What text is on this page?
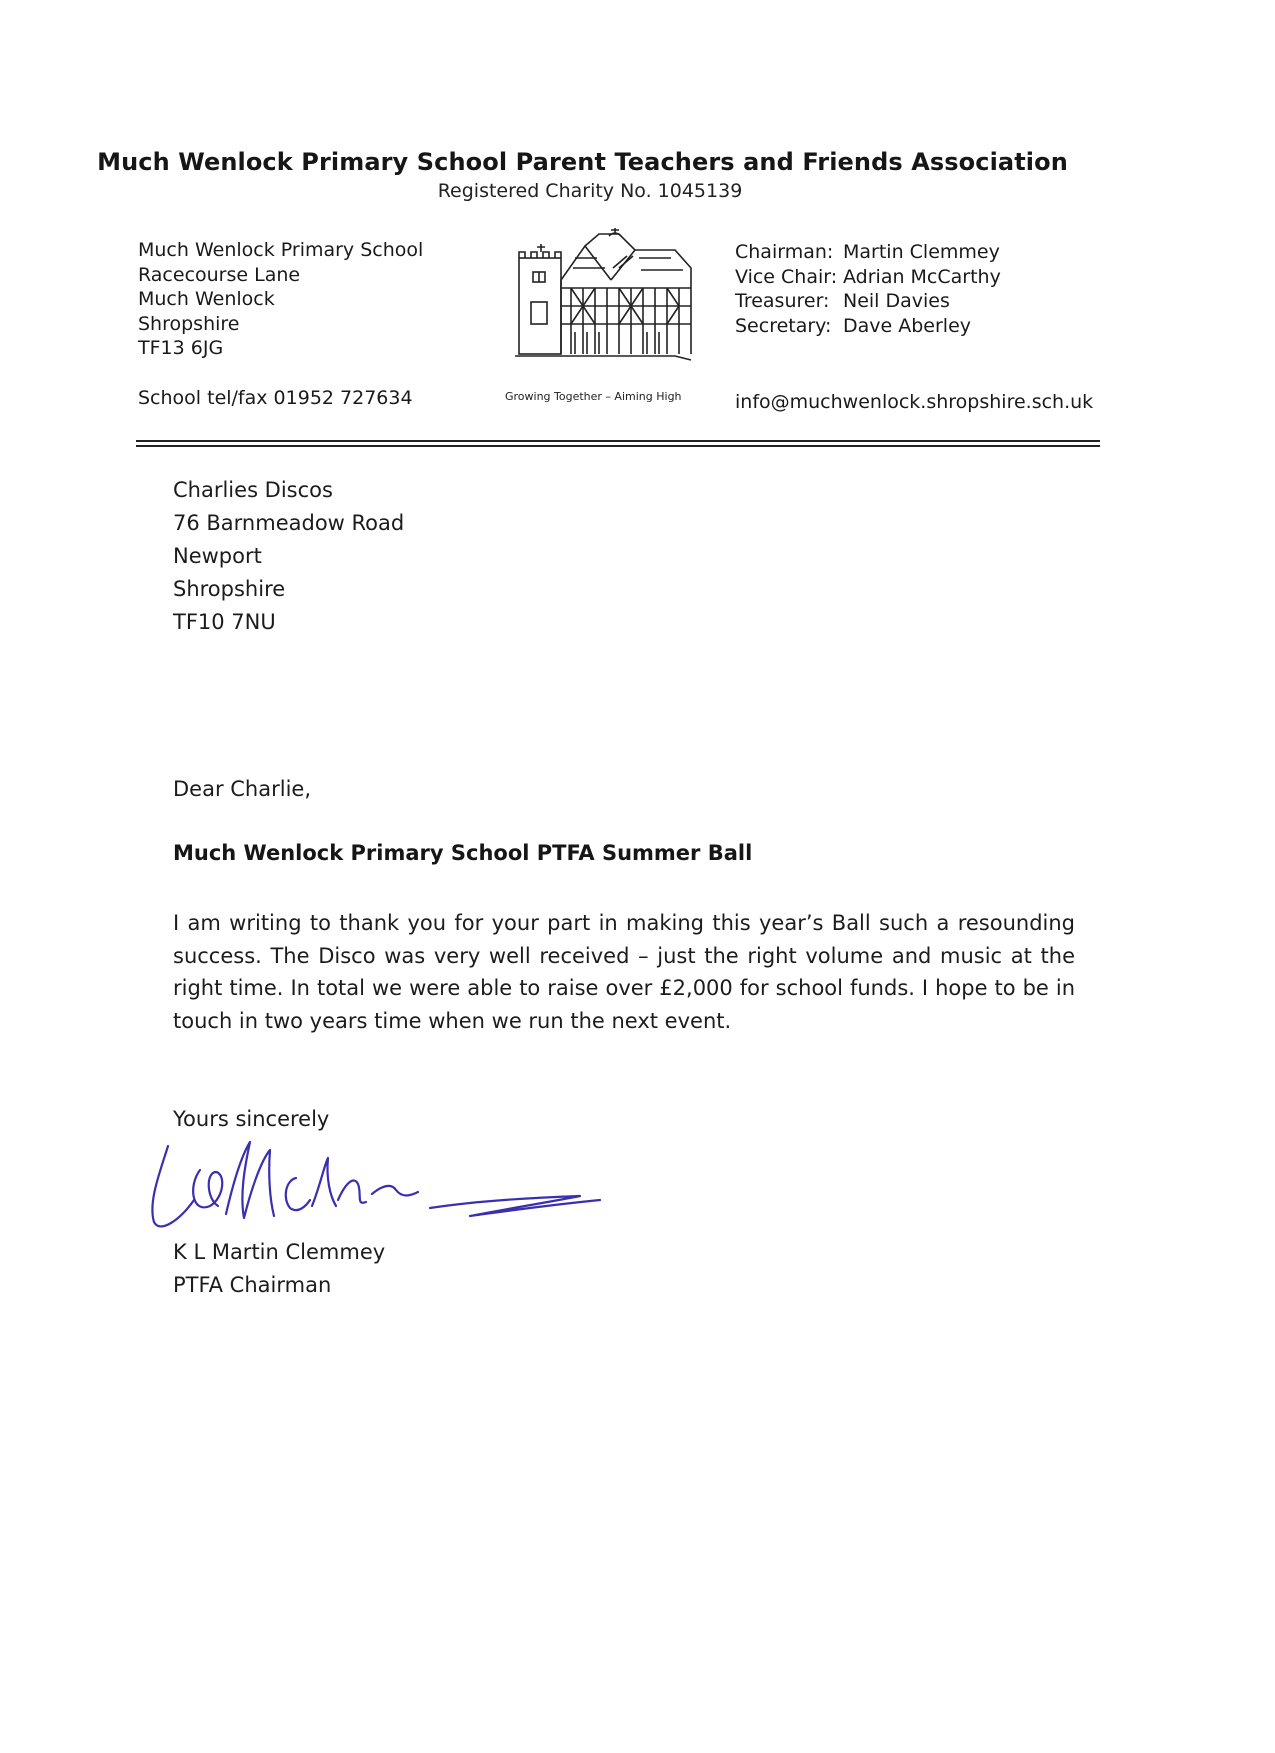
Much Wenlock Primary School Parent Teachers and Friends Association
Registered Charity No. 1045139
Much Wenlock Primary School
Racecourse Lane
Much Wenlock
Shropshire
TF13 6JG
Chairman: Martin Clemmey
Vice Chair: Adrian McCarthy
Treasurer: Neil Davies
Secretary: Dave Aberley
School tel/fax 01952 727634	Growing Together – Aiming High	info@muchwenlock.shropshire.sch.uk
Charlies Discos
76 Barnmeadow Road
Newport
Shropshire
TF10 7NU
Dear Charlie,
Much Wenlock Primary School PTFA Summer Ball
I am writing to thank you for your part in making this year’s Ball such a resounding success. The Disco was very well received – just the right volume and music at the right time. In total we were able to raise over £2,000 for school funds. I hope to be in touch in two years time when we run the next event.
Yours sincerely
K L Martin Clemmey
PTFA Chairman
